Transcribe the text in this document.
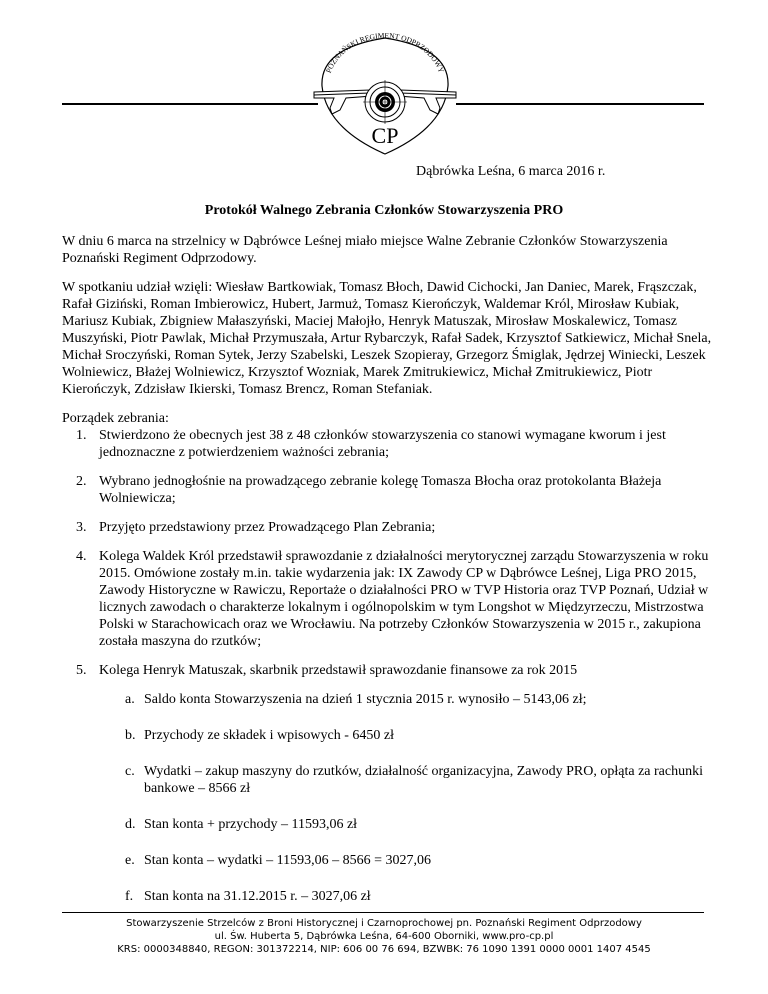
POZNAŃSKI REGIMENT ODPRZODOWY
CP
Dąbrówka Leśna, 6 marca 2016 r.
Protokół Walnego Zebrania Członków Stowarzyszenia PRO

W dniu 6 marca na strzelnicy w Dąbrówce Leśnej miało miejsce Walne Zebranie Członków Stowarzyszenia Poznański Regiment Odprzodowy.

W spotkaniu udział wzięli: Wiesław Bartkowiak, Tomasz Błoch, Dawid Cichocki, Jan Daniec, Marek, Frąszczak, Rafał Giziński, Roman Imbierowicz, Hubert, Jarmuż, Tomasz Kierończyk, Waldemar Król, Mirosław Kubiak, Mariusz Kubiak, Zbigniew Małaszyński, Maciej Małojło, Henryk Matuszak, Mirosław Moskalewicz, Tomasz Muszyński, Piotr Pawlak, Michał Przymuszała, Artur Rybarczyk, Rafał Sadek, Krzysztof Satkiewicz, Michał Snela, Michał Sroczyński, Roman Sytek, Jerzy Szabelski, Leszek Szopieray, Grzegorz Śmiglak, Jędrzej Winiecki, Leszek Wolniewicz, Błażej Wolniewicz, Krzysztof Wozniak, Marek Zmitrukiewicz, Michał Zmitrukiewicz, Piotr Kierończyk, Zdzisław Ikierski, Tomasz Brencz, Roman Stefaniak.

Porządek zebrania:
1. Stwierdzono że obecnych jest 38 z 48 członków stowarzyszenia co stanowi wymagane kworum i jest jednoznaczne z potwierdzeniem ważności zebrania;
2. Wybrano jednogłośnie na prowadzącego zebranie kolegę Tomasza Błocha oraz protokolanta Błażeja Wolniewicza;
3. Przyjęto przedstawiony przez Prowadzącego Plan Zebrania;
4. Kolega Waldek Król przedstawił sprawozdanie z działalności merytorycznej zarządu Stowarzyszenia w roku 2015. Omówione zostały m.in. takie wydarzenia jak: IX Zawody CP w Dąbrówce Leśnej, Liga PRO 2015, Zawody Historyczne w Rawiczu, Reportaże o działalności PRO w TVP Historia oraz TVP Poznań, Udział w licznych zawodach o charakterze lokalnym i ogólnopolskim w tym Longshot w Międzyrzeczu, Mistrzostwa Polski w Starachowicach oraz we Wrocławiu. Na potrzeby Członków Stowarzyszenia w 2015 r., zakupiona została maszyna do rzutków;
5. Kolega Henryk Matuszak, skarbnik przedstawił sprawozdanie finansowe za rok 2015
a. Saldo konta Stowarzyszenia na dzień 1 stycznia 2015 r. wynosiło – 5143,06 zł;
b. Przychody ze składek i wpisowych - 6450 zł
c. Wydatki – zakup maszyny do rzutków, działalność organizacyjna, Zawody PRO, opłąta za rachunki bankowe – 8566 zł
d. Stan konta + przychody – 11593,06 zł
e. Stan konta – wydatki – 11593,06 – 8566 = 3027,06
f. Stan konta na 31.12.2015 r. – 3027,06 zł
Stowarzyszenie Strzelców z Broni Historycznej i Czarnoprochowej pn. Poznański Regiment Odprzodowy
ul. Św. Huberta 5, Dąbrówka Leśna, 64-600 Oborniki, www.pro-cp.pl
KRS: 0000348840, REGON: 301372214, NIP: 606 00 76 694, BZWBK: 76 1090 1391 0000 0001 1407 4545
